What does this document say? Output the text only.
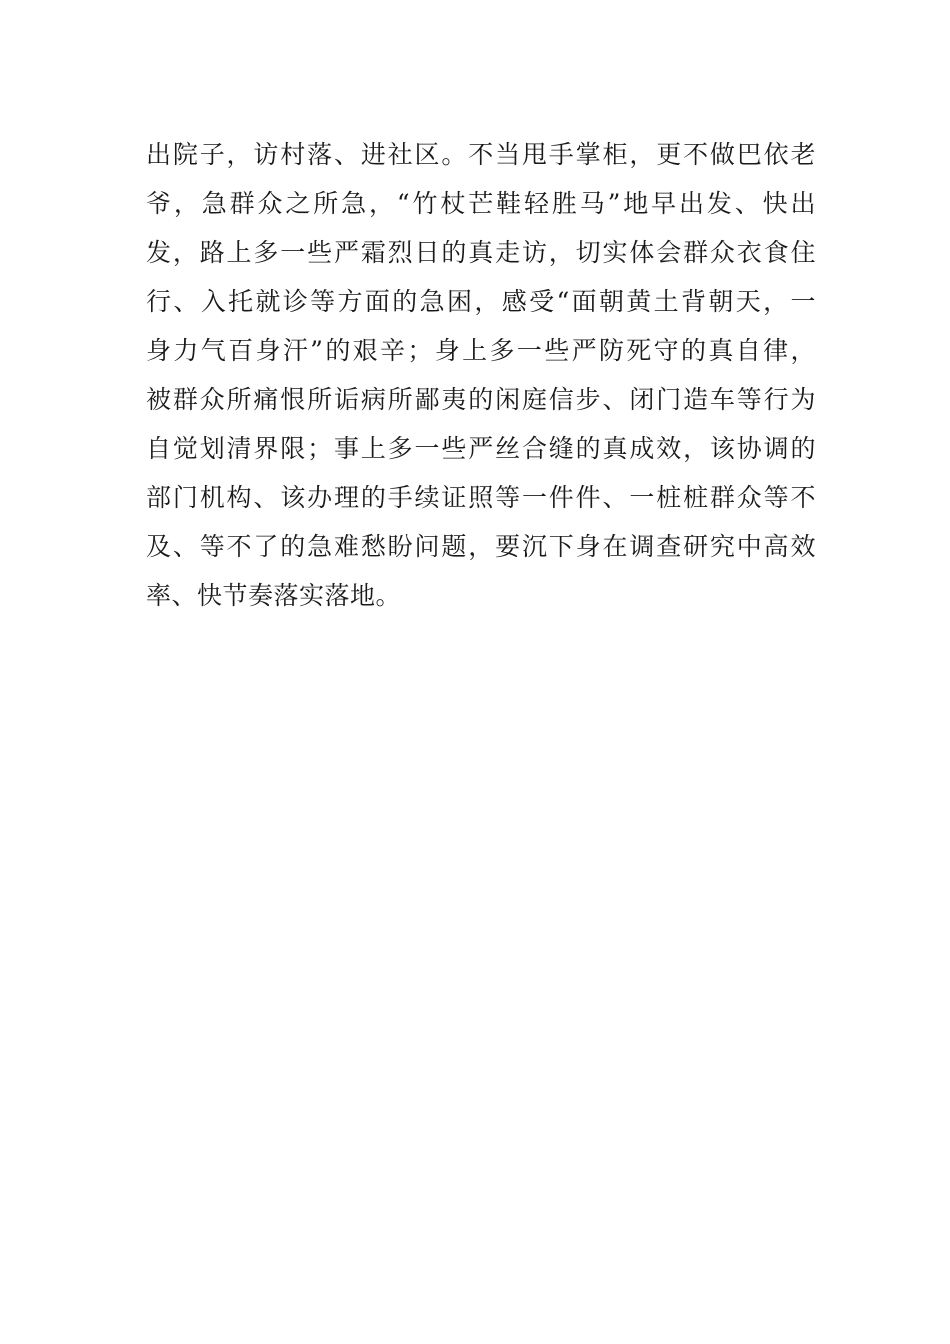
出院子，访村落、进社区。不当甩手掌柜，更不做巴依老
爷，急群众之所急，“竹杖芒鞋轻胜马”地早出发、快出
发，路上多一些严霜烈日的真走访，切实体会群众衣食住
行、入托就诊等方面的急困，感受“面朝黄土背朝天，一
身力气百身汗”的艰辛；身上多一些严防死守的真自律，
被群众所痛恨所诟病所鄙夷的闲庭信步、闭门造车等行为
自觉划清界限；事上多一些严丝合缝的真成效，该协调的
部门机构、该办理的手续证照等一件件、一桩桩群众等不
及、等不了的急难愁盼问题，要沉下身在调查研究中高效
率、快节奏落实落地。
